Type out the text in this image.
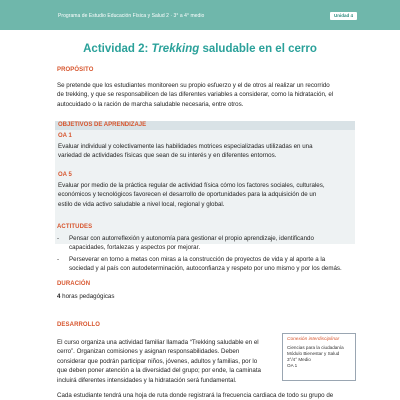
Programa de Estudio Educación Física y Salud 2 · 3° a 4° medio	Unidad 4
Actividad 2: Trekking saludable en el cerro
PROPÓSITO
Se pretende que los estudiantes monitoreen su propio esfuerzo y el de otros al realizar un recorrido
de trekking, y que se responsabilicen de las diferentes variables a considerar, como la hidratación, el
autocuidado o la ración de marcha saludable necesaria, entre otros.
OBJETIVOS DE APRENDIZAJE
OA 1
Evaluar individual y colectivamente las habilidades motrices especializadas utilizadas en una
variedad de actividades físicas que sean de su interés y en diferentes entornos.
OA 5
Evaluar por medio de la práctica regular de actividad física cómo los factores sociales, culturales,
económicos y tecnológicos favorecen el desarrollo de oportunidades para la adquisición de un
estilo de vida activo saludable a nivel local, regional y global.
ACTITUDES
- Pensar con autorreflexión y autonomía para gestionar el propio aprendizaje, identificando
capacidades, fortalezas y aspectos por mejorar.
- Perseverar en torno a metas con miras a la construcción de proyectos de vida y al aporte a la
sociedad y al país con autodeterminación, autoconfianza y respeto por uno mismo y por los demás.
DURACIÓN
4 horas pedagógicas
DESARROLLO
El curso organiza una actividad familiar llamada “Trekking saludable en el
cerro”. Organizan comisiones y asignan responsabilidades. Deben
considerar que podrán participar niños, jóvenes, adultos y familias, por lo
que deben poner atención a la diversidad del grupo; por ende, la caminata
incluirá diferentes intensidades y la hidratación será fundamental.
Conexión interdisciplinar
Ciencias para la ciudadanía
Módulo Bienestar y Salud
3°/4° Medio
OA 1
Cada estudiante tendrá una hoja de ruta donde registrará la frecuencia cardiaca de todo su grupo de
